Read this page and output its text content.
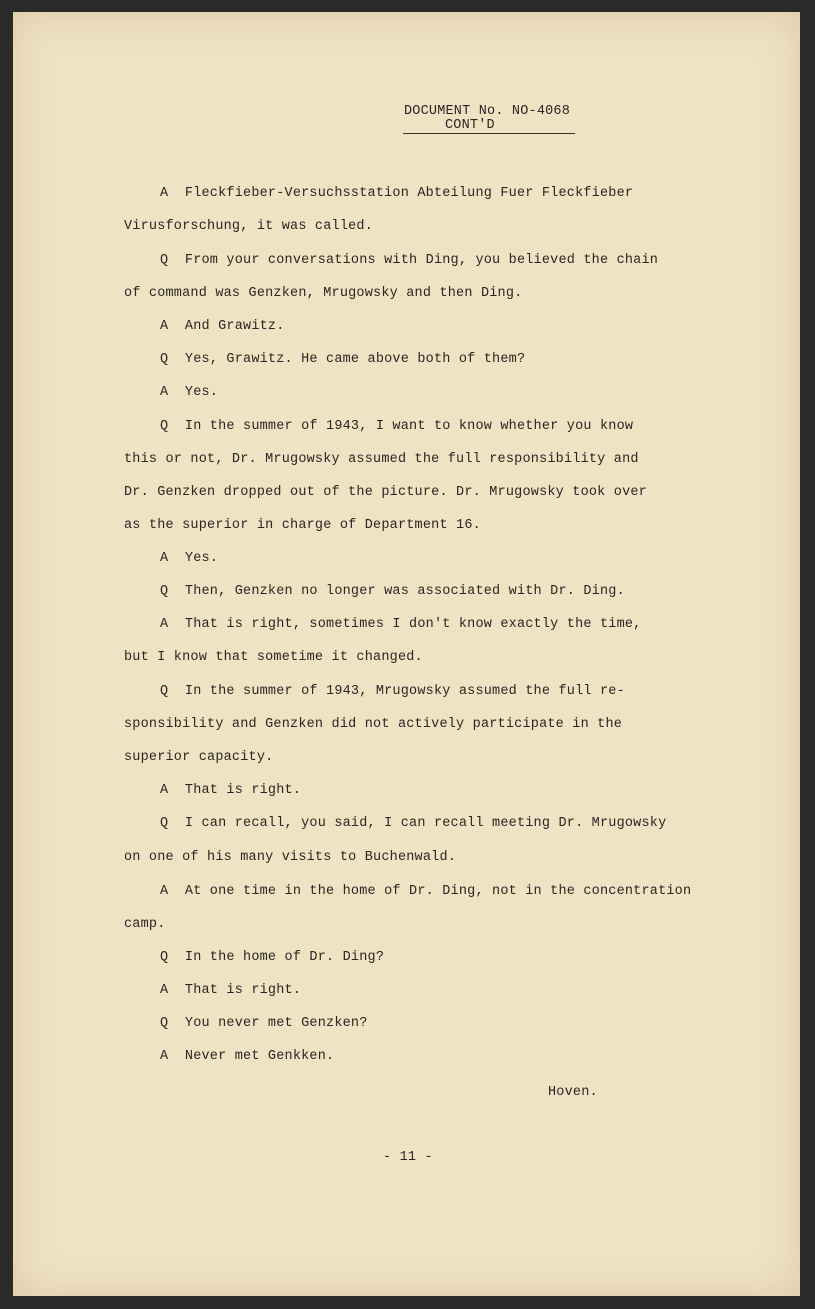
DOCUMENT No. NO-4068
CONT'D
A  Fleckfieber-Versuchsstation Abteilung Fuer Fleckfieber
Virusforschung, it was called.
Q  From your conversations with Ding, you believed the chain
of command was Genzken, Mrugowsky and then Ding.
A  And Grawitz.
Q  Yes, Grawitz. He came above both of them?
A  Yes.
Q  In the summer of 1943, I want to know whether you know
this or not, Dr. Mrugowsky assumed the full responsibility and
Dr. Genzken dropped out of the picture. Dr. Mrugowsky took over
as the superior in charge of Department 16.
A  Yes.
Q  Then, Genzken no longer was associated with Dr. Ding.
A  That is right, sometimes I don't know exactly the time,
but I know that sometime it changed.
Q  In the summer of 1943, Mrugowsky assumed the full re-
sponsibility and Genzken did not actively participate in the
superior capacity.
A  That is right.
Q  I can recall, you said, I can recall meeting Dr. Mrugowsky
on one of his many visits to Buchenwald.
A  At one time in the home of Dr. Ding, not in the concentration
camp.
Q  In the home of Dr. Ding?
A  That is right.
Q  You never met Genzken?
A  Never met Genkken.
Hoven.
- 11 -
